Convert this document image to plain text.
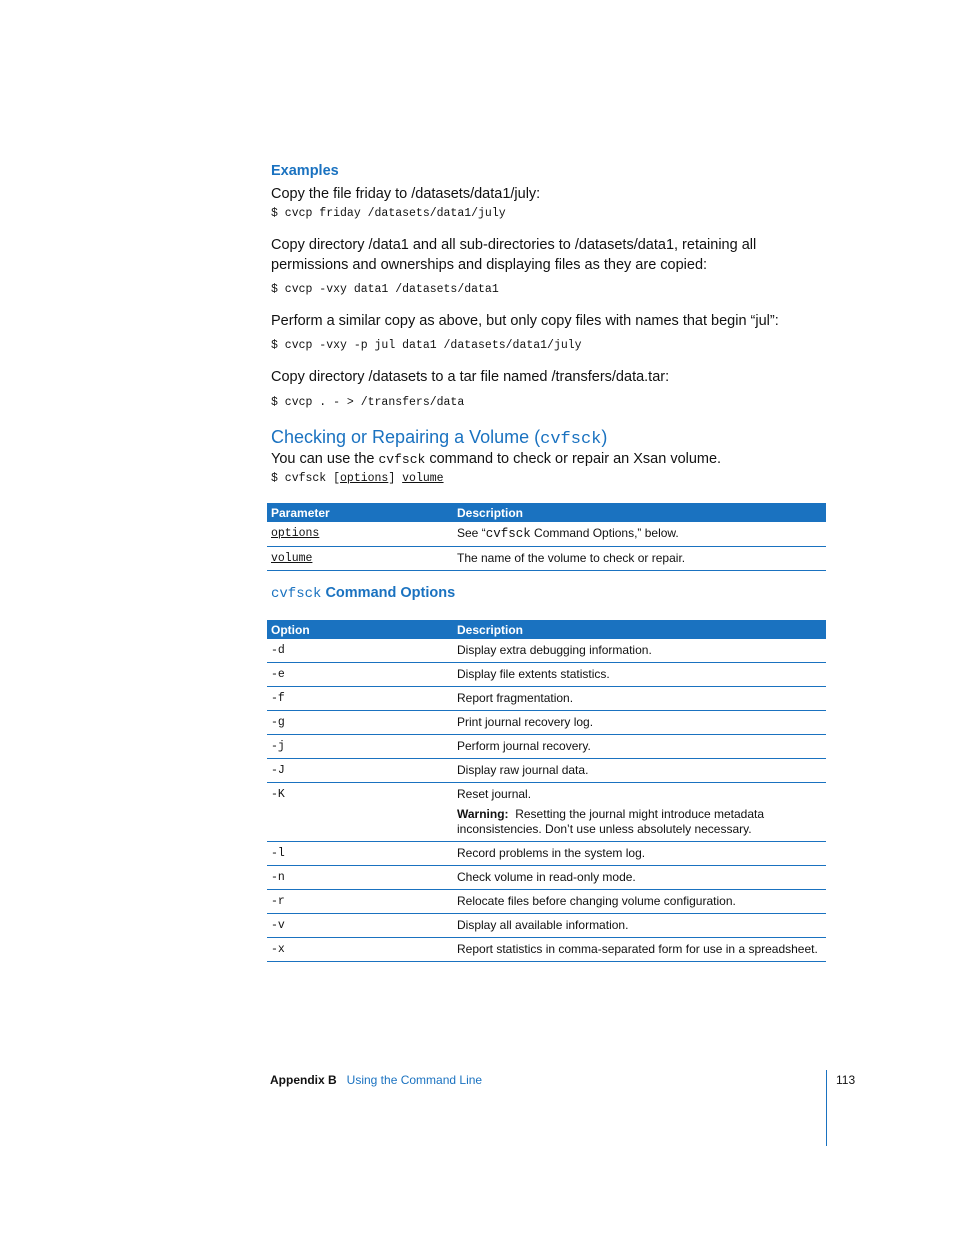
Examples
Copy the file friday to /datasets/data1/july:
$ cvcp friday /datasets/data1/july
Copy directory /data1 and all sub-directories to /datasets/data1, retaining all
permissions and ownerships and displaying files as they are copied:
$ cvcp -vxy data1 /datasets/data1
Perform a similar copy as above, but only copy files with names that begin “jul”:
$ cvcp -vxy -p jul data1 /datasets/data1/july
Copy directory /datasets to a tar file named /transfers/data.tar:
$ cvcp . - > /transfers/data
Checking or Repairing a Volume (cvfsck)
You can use the cvfsck command to check or repair an Xsan volume.
$ cvfsck [options] volume
Parameter	Description
options	See “cvfsck Command Options,” below.
volume	The name of the volume to check or repair.
cvfsck Command Options
Option	Description
-d	Display extra debugging information.
-e	Display file extents statistics.
-f	Report fragmentation.
-g	Print journal recovery log.
-j	Perform journal recovery.
-J	Display raw journal data.
-K	Reset journal.
Warning: Resetting the journal might introduce metadata inconsistencies. Don’t use unless absolutely necessary.

-l	Record problems in the system log.
-n	Check volume in read-only mode.
-r	Relocate files before changing volume configuration.
-v	Display all available information.
-x	Report statistics in comma-separated form for use in a spreadsheet.
Appendix B Using the Command Line	113
